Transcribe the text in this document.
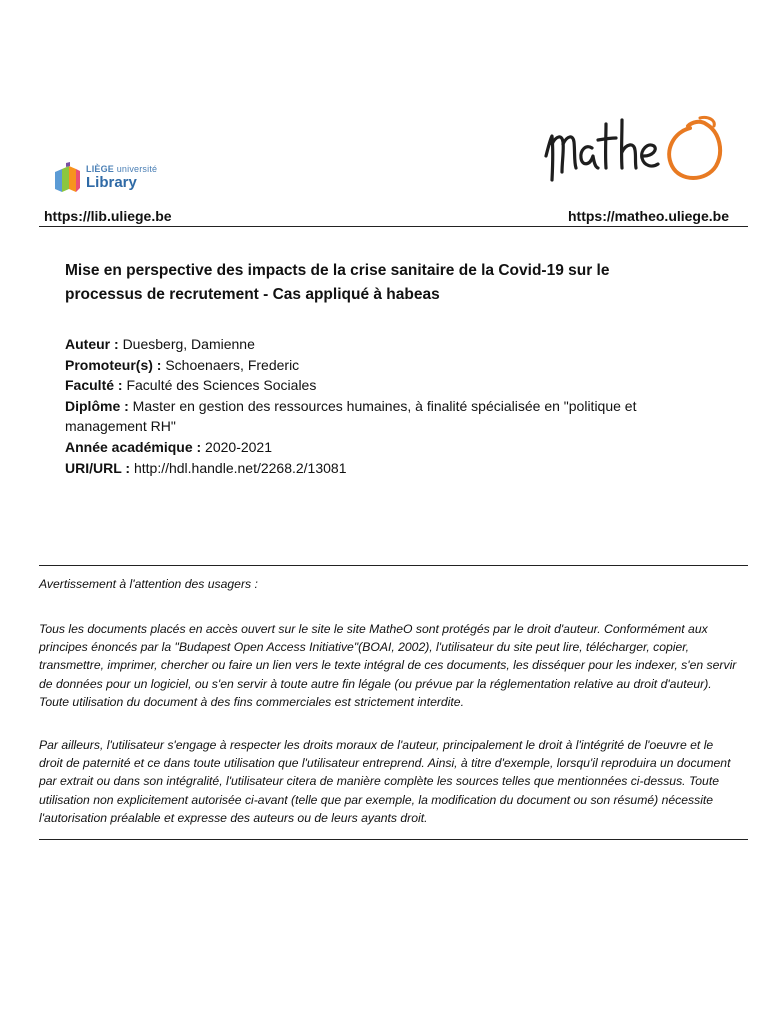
LIÈGE université
Library
https://lib.uliege.be	https://matheo.uliege.be
Mise en perspective des impacts de la crise sanitaire de la Covid-19 sur le
processus de recrutement - Cas appliqué à habeas

Auteur : Duesberg, Damienne

Promoteur(s) : Schoenaers, Frederic

Faculté : Faculté des Sciences Sociales

Diplôme : Master en gestion des ressources humaines, à finalité spécialisée en "politique et management RH"

Année académique : 2020-2021

URI/URL : http://hdl.handle.net/2268.2/13081

Avertissement à l'attention des usagers :
Tous les documents placés en accès ouvert sur le site le site MatheO sont protégés par le droit d'auteur. Conformément aux principes énoncés par la "Budapest Open Access Initiative"(BOAI, 2002), l'utilisateur du site peut lire, télécharger, copier, transmettre, imprimer, chercher ou faire un lien vers le texte intégral de ces documents, les disséquer pour les indexer, s'en servir de données pour un logiciel, ou s'en servir à toute autre fin légale (ou prévue par la réglementation relative au droit d'auteur). Toute utilisation du document à des fins commerciales est strictement interdite.
Par ailleurs, l'utilisateur s'engage à respecter les droits moraux de l'auteur, principalement le droit à l'intégrité de l'oeuvre et le droit de paternité et ce dans toute utilisation que l'utilisateur entreprend. Ainsi, à titre d'exemple, lorsqu'il reproduira un document par extrait ou dans son intégralité, l'utilisateur citera de manière complète les sources telles que mentionnées ci-dessus. Toute utilisation non explicitement autorisée ci-avant (telle que par exemple, la modification du document ou son résumé) nécessite l'autorisation préalable et expresse des auteurs ou de leurs ayants droit.
